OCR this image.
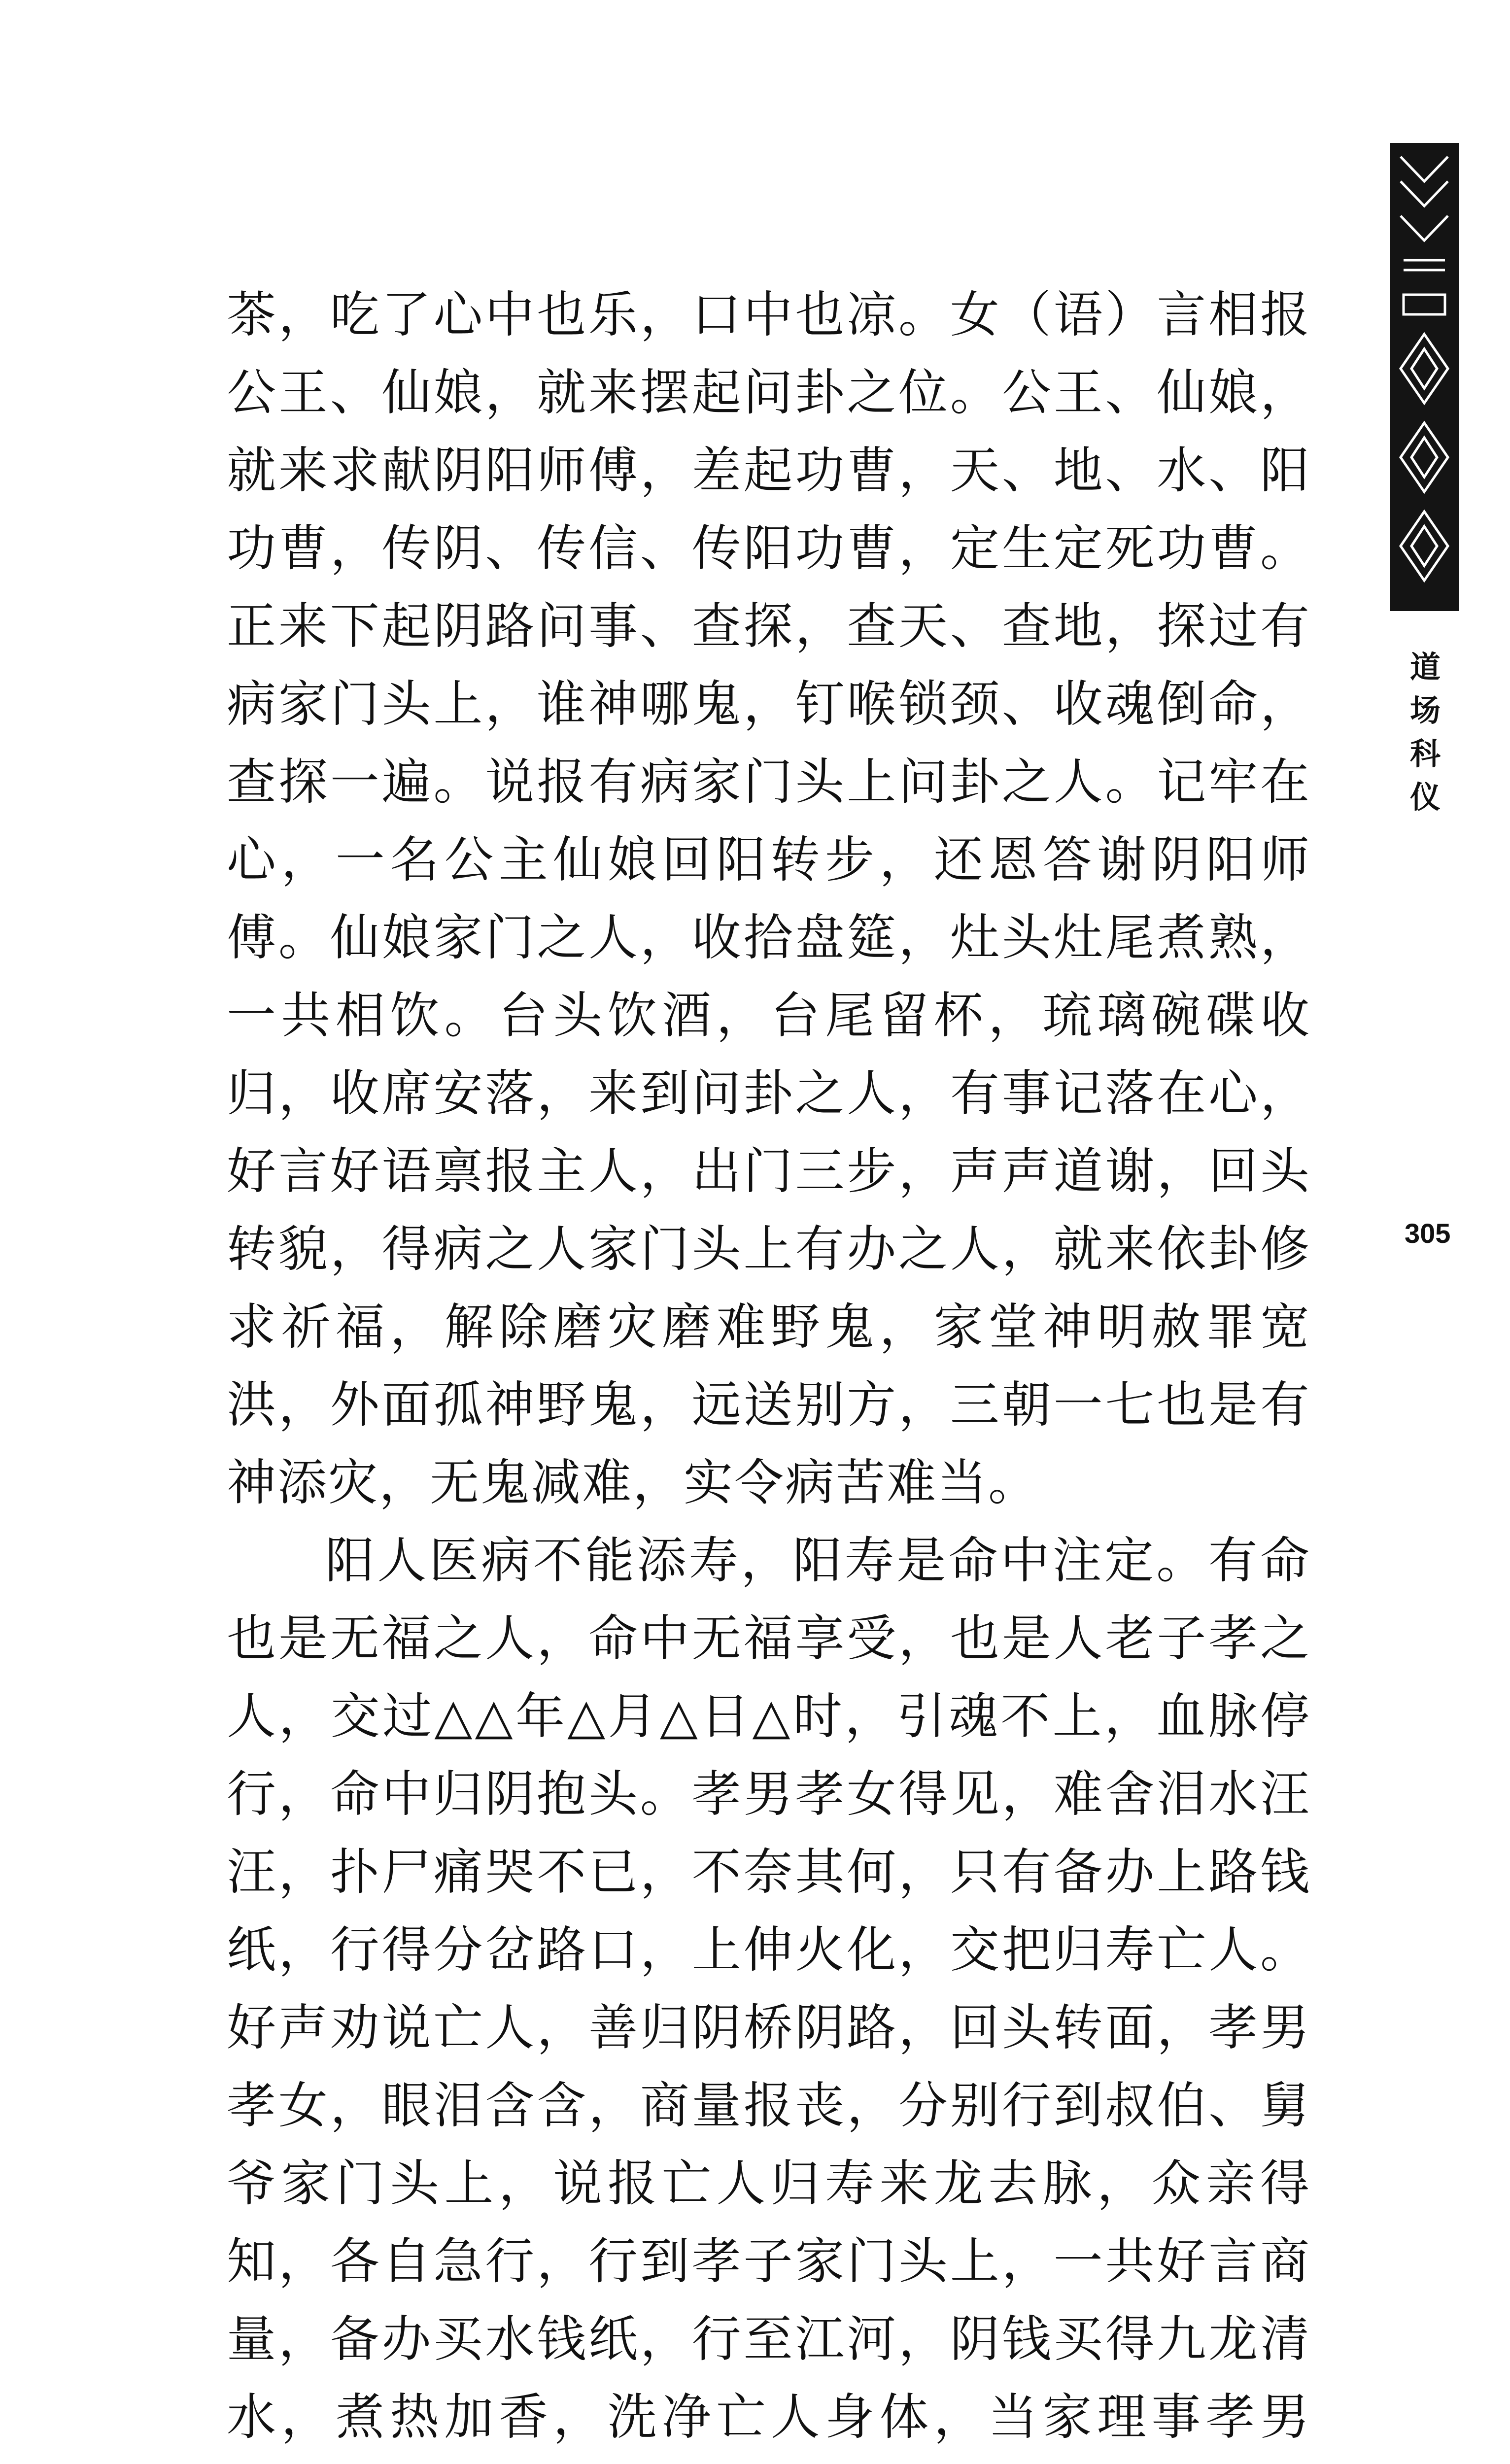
道
场
科
仪
305

茶，吃了心中也乐，口中也凉。女（语）言相报公王、仙娘，就来摆起问卦之位。公王、仙娘，就来求献阴阳师傅，差起功曹，天、地、水、阳功曹，传阴、传信、传阳功曹，定生定死功曹。正来下起阴路问事、查探，查天、查地，探过有病家门头上，谁神哪鬼，钉喉锁颈、收魂倒命，查探一遍。说报有病家门头上问卦之人。记牢在心，一名公主仙娘回阳转步，还恩答谢阴阳师傅。仙娘家门之人，收拾盘筵，灶头灶尾煮熟，一共相饮。台头饮酒，台尾留杯，琉璃碗碟收归，收席安落，来到问卦之人，有事记落在心，好言好语禀报主人，出门三步，声声道谢，回头转貌，得病之人家门头上有办之人，就来依卦修求祈福，解除磨灾磨难野鬼，家堂神明赦罪宽洪，外面孤神野鬼，远送别方，三朝一七也是有神添灾，无鬼减难，实令病苦难当。

阳人医病不能添寿，阳寿是命中注定。有命也是无福之人，命中无福享受，也是人老子孝之人，交过△△年△月△日△时，引魂不上，血脉停行，命中归阴抱头。孝男孝女得见，难舍泪水汪汪，扑尸痛哭不已，不奈其何，只有备办上路钱纸，行得分岔路口，上伸火化，交把归寿亡人。好声劝说亡人，善归阴桥阴路，回头转面，孝男孝女，眼泪含含，商量报丧，分别行到叔伯、舅爷家门头上，说报亡人归寿来龙去脉，众亲得知，各自急行，行到孝子家门头上，一共好言商量，备办买水钱纸，行至江河，阴钱买得九龙清水，煮热加香，洗净亡人身体，当家理事孝男
